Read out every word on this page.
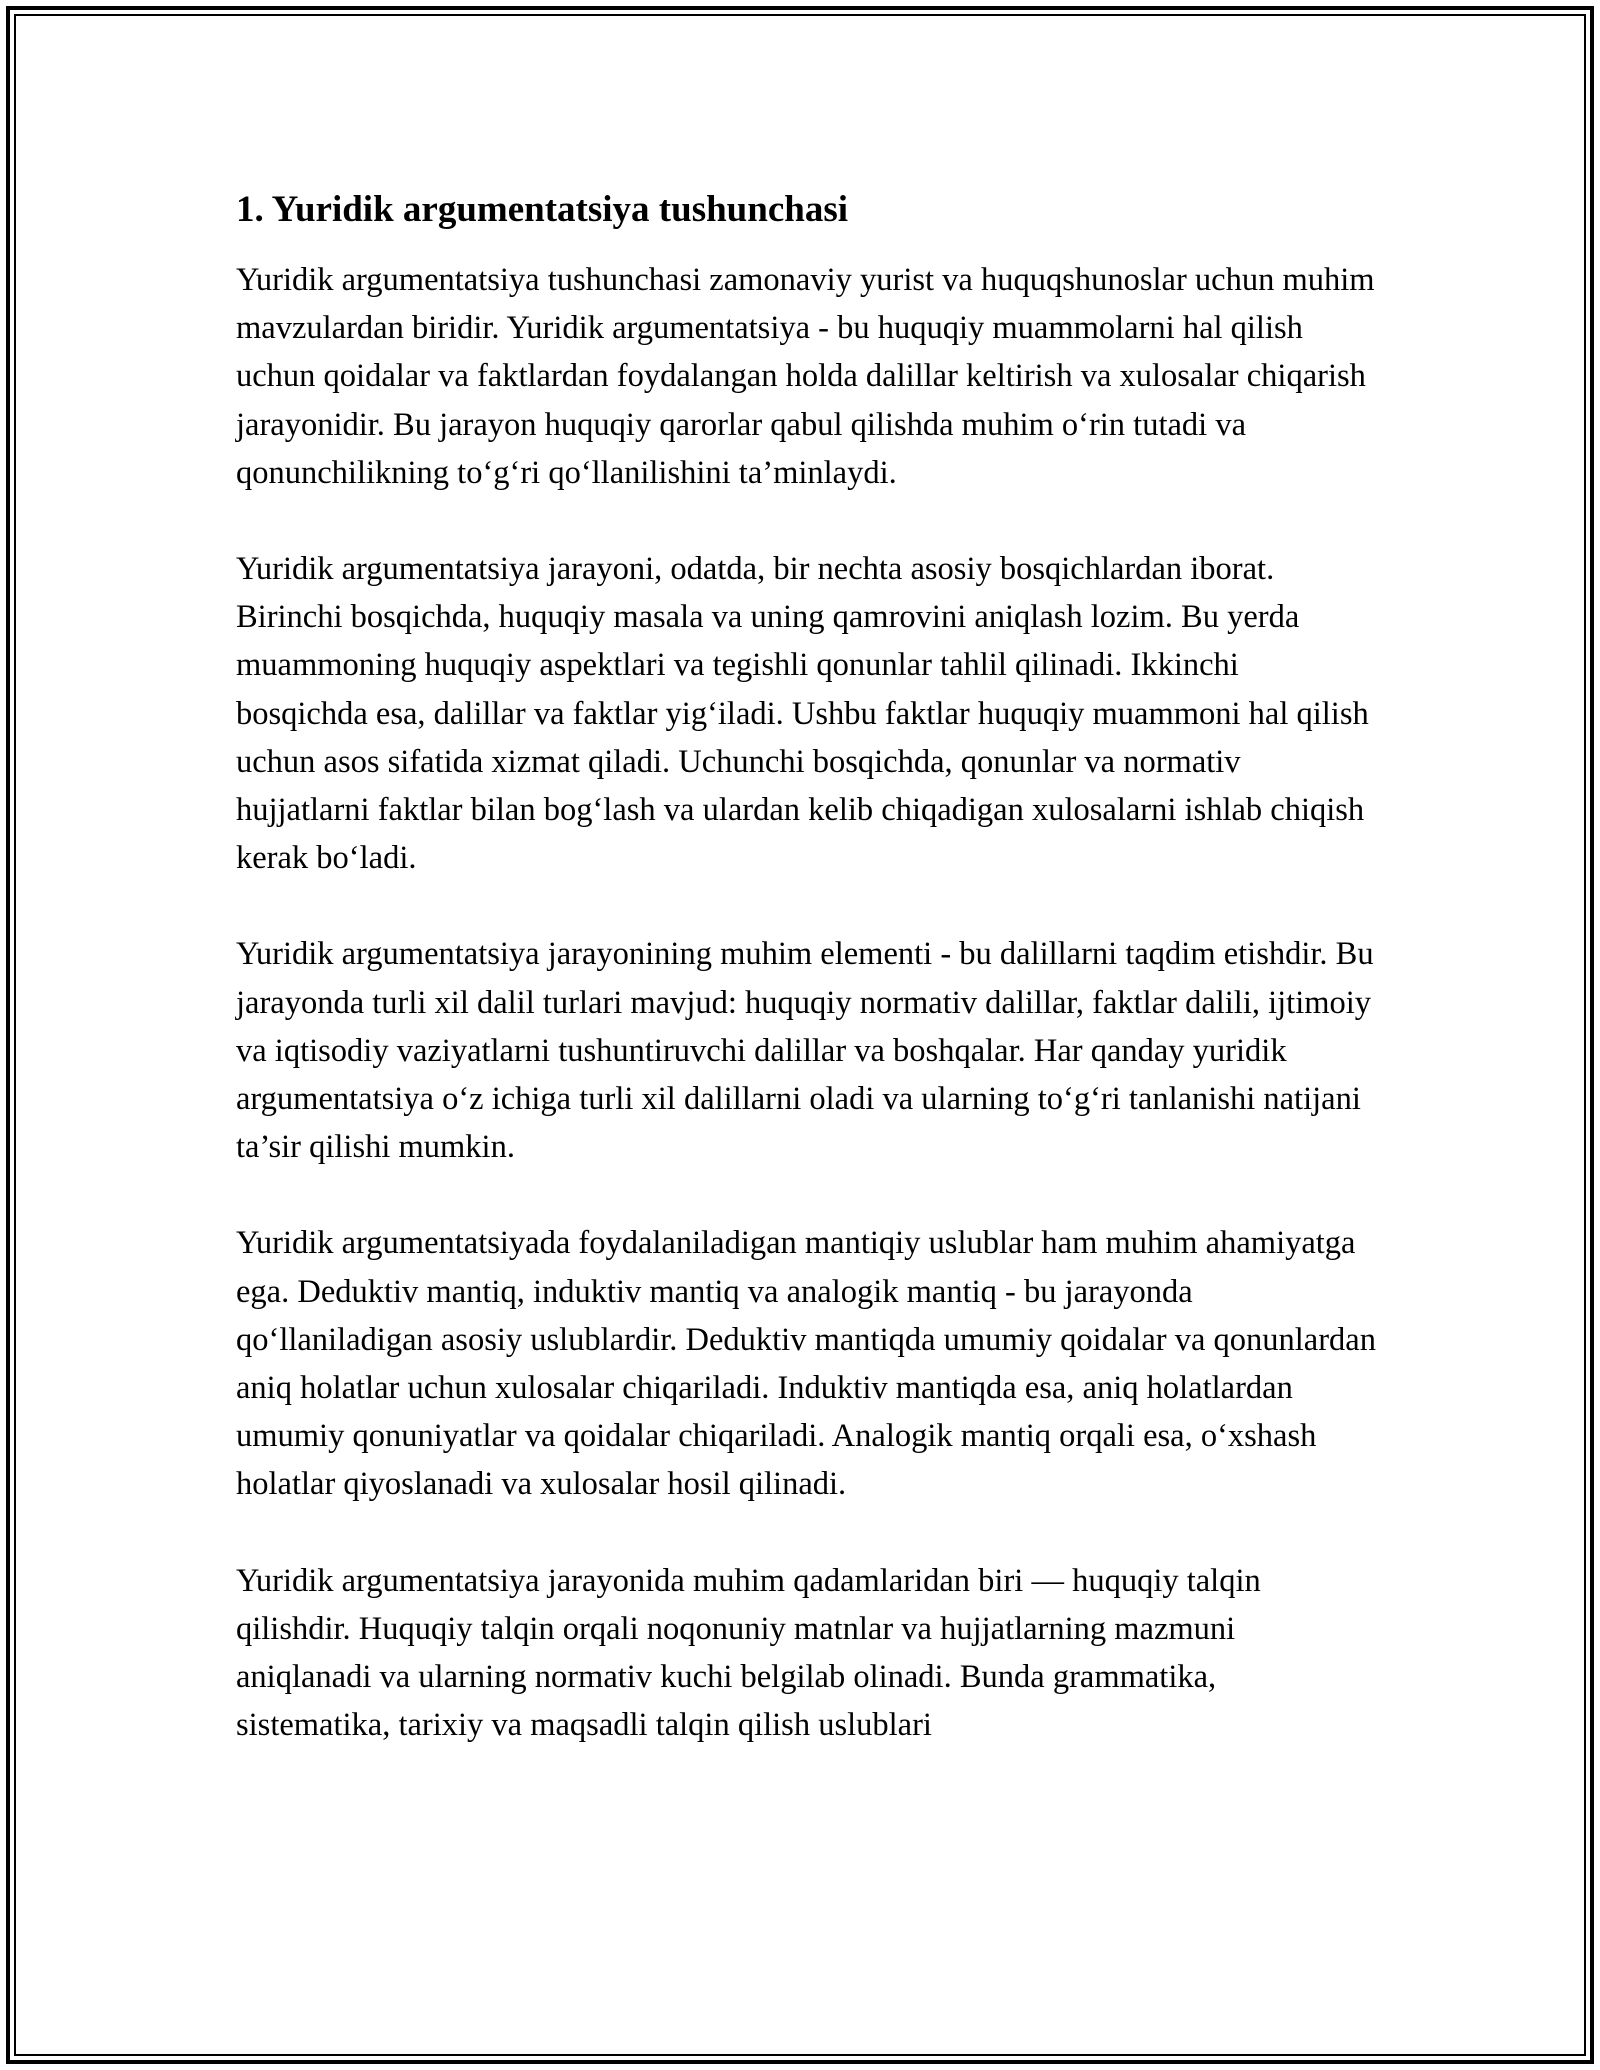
1. Yuridik argumentatsiya tushunchasi

Yuridik argumentatsiya tushunchasi zamonaviy yurist va huquqshunoslar uchun muhim mavzulardan biridir. Yuridik argumentatsiya - bu huquqiy muammolarni hal qilish uchun qoidalar va faktlardan foydalangan holda dalillar keltirish va xulosalar chiqarish jarayonidir. Bu jarayon huquqiy qarorlar qabul qilishda muhim o‘rin tutadi va qonunchilikning to‘g‘ri qo‘llanilishini ta’minlaydi.

Yuridik argumentatsiya jarayoni, odatda, bir nechta asosiy bosqichlardan iborat. Birinchi bosqichda, huquqiy masala va uning qamrovini aniqlash lozim. Bu yerda muammoning huquqiy aspektlari va tegishli qonunlar tahlil qilinadi. Ikkinchi bosqichda esa, dalillar va faktlar yig‘iladi. Ushbu faktlar huquqiy muammoni hal qilish uchun asos sifatida xizmat qiladi. Uchunchi bosqichda, qonunlar va normativ hujjatlarni faktlar bilan bog‘lash va ulardan kelib chiqadigan xulosalarni ishlab chiqish kerak bo‘ladi.

Yuridik argumentatsiya jarayonining muhim elementi - bu dalillarni taqdim etishdir. Bu jarayonda turli xil dalil turlari mavjud: huquqiy normativ dalillar, faktlar dalili, ijtimoiy va iqtisodiy vaziyatlarni tushuntiruvchi dalillar va boshqalar. Har qanday yuridik argumentatsiya o‘z ichiga turli xil dalillarni oladi va ularning to‘g‘ri tanlanishi natijani ta’sir qilishi mumkin.

Yuridik argumentatsiyada foydalaniladigan mantiqiy uslublar ham muhim ahamiyatga ega. Deduktiv mantiq, induktiv mantiq va analogik mantiq - bu jarayonda qo‘llaniladigan asosiy uslublardir. Deduktiv mantiqda umumiy qoidalar va qonunlardan aniq holatlar uchun xulosalar chiqariladi. Induktiv mantiqda esa, aniq holatlardan umumiy qonuniyatlar va qoidalar chiqariladi. Analogik mantiq orqali esa, o‘xshash holatlar qiyoslanadi va xulosalar hosil qilinadi.

Yuridik argumentatsiya jarayonida muhim qadamlaridan biri — huquqiy talqin qilishdir. Huquqiy talqin orqali noqonuniy matnlar va hujjatlarning mazmuni aniqlanadi va ularning normativ kuchi belgilab olinadi. Bunda grammatika, sistematika, tarixiy va maqsadli talqin qilish uslublari
